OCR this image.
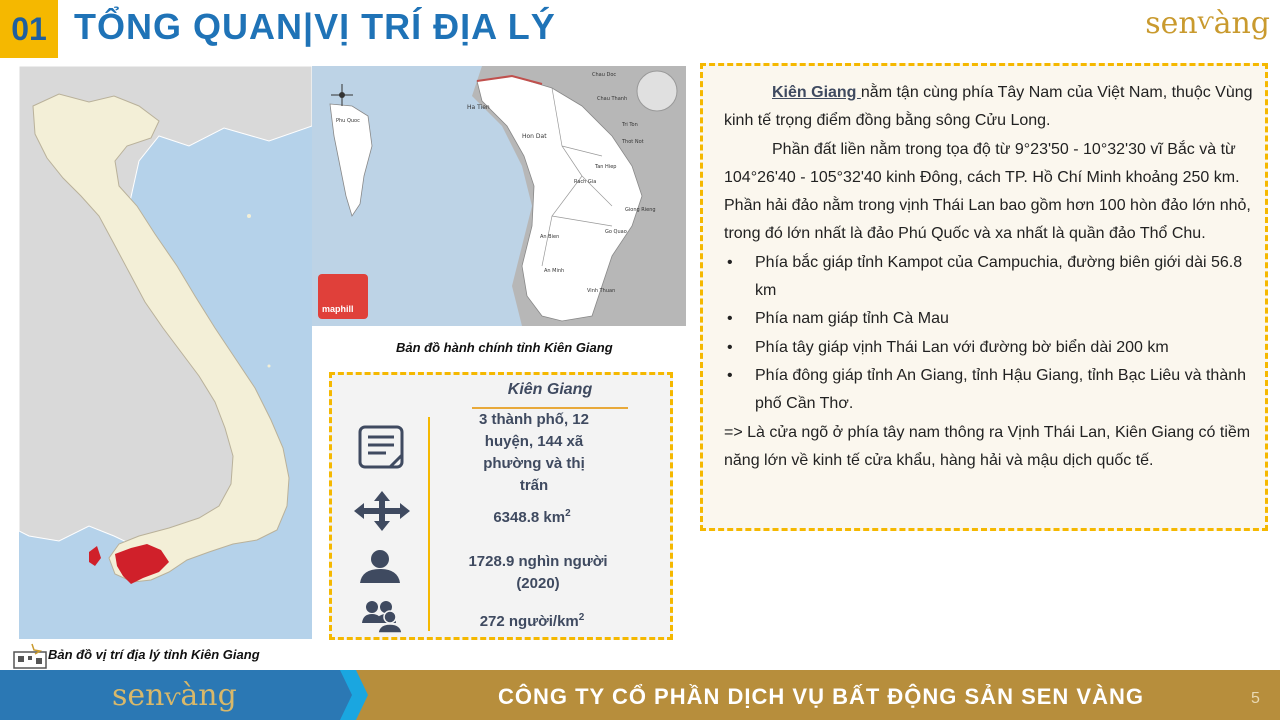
01 TỔNG QUAN|VỊ TRÍ ĐỊA LÝ	senⱱàng
Bản đồ vị trí địa lý tỉnh Kiên Giang
Ha Tien
Hon Dat
Phu Quoc
Tan Hiep
Rach Gia
Giong Rieng
Go Quao
An Bien
An Minh
Vinh Thuan
Chau Doc
Chau Thanh
Thot Not
Tri Ton
maphill
Bản đồ hành chính tỉnh Kiên Giang
Kiên Giang
3 thành phố, 12
huyện, 144 xã
phường và thị
trấn
6348.8 $km^2$
1728.9 nghìn người
(2020)
272 người/$km^2$

Kiên Giang nằm tận cùng phía Tây Nam của Việt Nam, thuộc Vùng kinh tế trọng điểm đồng bằng sông Cửu Long.

Phần đất liền nằm trong tọa độ từ 9°23'50 - 10°32'30 vĩ Bắc và từ 104°26'40 - 105°32'40 kinh Đông, cách TP. Hồ Chí Minh khoảng 250 km. Phần hải đảo nằm trong vịnh Thái Lan bao gồm hơn 100 hòn đảo lớn nhỏ, trong đó lớn nhất là đảo Phú Quốc và xa nhất là quần đảo Thổ Chu.

• Phía bắc giáp tỉnh Kampot của Campuchia, đường biên giới dài 56.8 km
• Phía nam giáp tỉnh Cà Mau
• Phía tây giáp vịnh Thái Lan với đường bờ biển dài 200 km
• Phía đông giáp tỉnh An Giang, tỉnh Hậu Giang, tỉnh Bạc Liêu và thành phố Cần Thơ.

=> Là cửa ngõ ở phía tây nam thông ra Vịnh Thái Lan, Kiên Giang có tiềm năng lớn về kinh tế cửa khẩu, hàng hải và mậu dịch quốc tế.

senⱱàng	CÔNG TY CỔ PHẦN DỊCH VỤ BẤT ĐỘNG SẢN SEN VÀNG	5
